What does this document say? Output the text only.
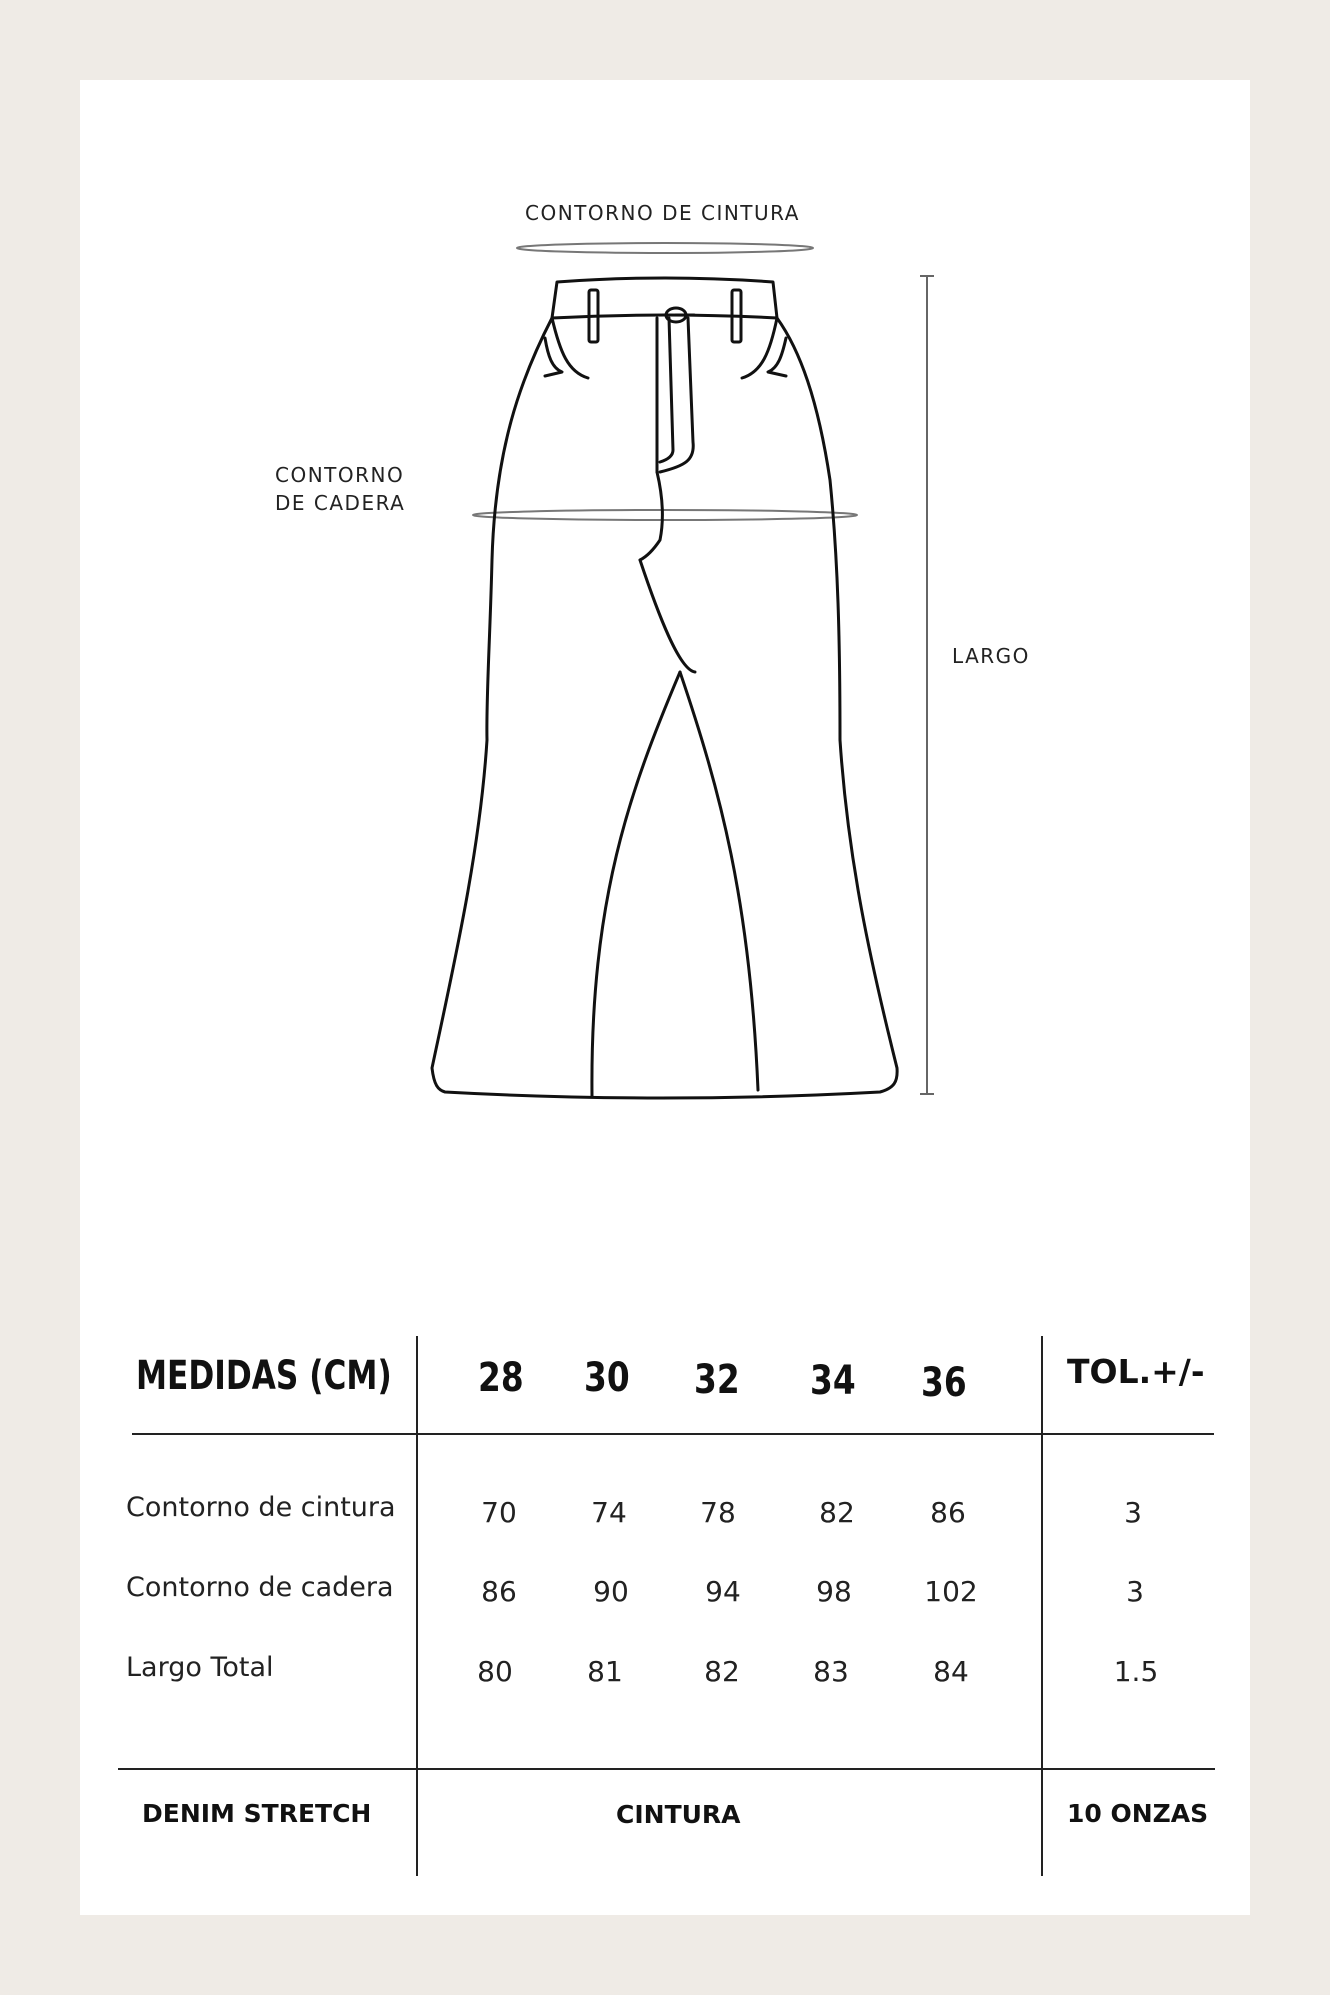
CONTORNO DE CINTURA
CONTORNO
DE CADERA
LARGO
MEDIDAS (CM) 28 30 32 34 36	TOL.+/-
Contorno de cintura	70	74	78	82	86	3
Contorno de cadera	86	90	94	98	102	3
Largo Total	80	81	82	83	84	1.5
DENIM STRETCH	CINTURA	10 ONZAS
